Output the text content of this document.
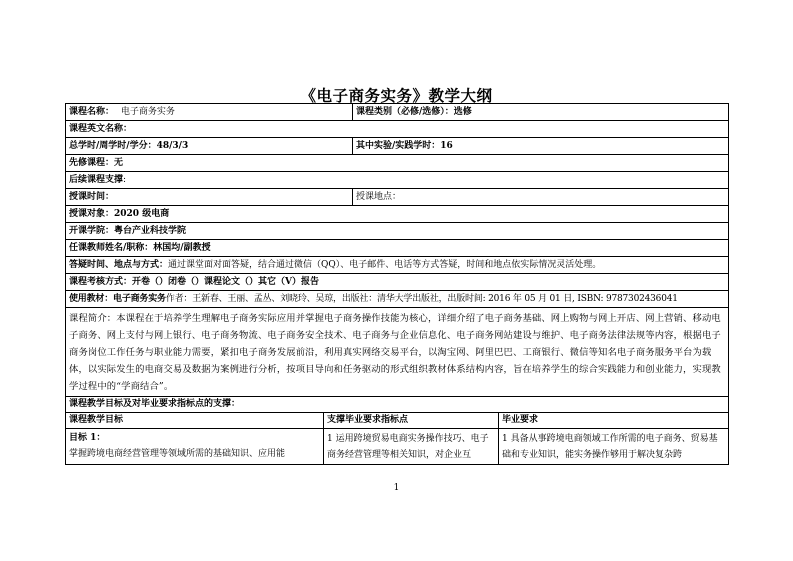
《电子商务实务》教学大纲
课程名称： 电子商务实务		课程类别（必修/选修）：选修	
课程英文名称：			
总学时/周学时/学分：48/3/3		其中实验/实践学时：16	
先修课程：无			
后续课程支撑:			
授课时间：		授课地点：	
授课对象：2020 级电商			
开课学院：粤台产业科技学院			
任课教师姓名/职称：林国均/副教授			
答疑时间、地点与方式：通过课堂面对面答疑，结合通过微信（QQ）、电子邮件、电话等方式答疑，时间和地点依实际情况灵活处理。			
课程考核方式：开卷（）闭卷（）课程论文（）其它（V）报告			
使用教材：电子商务实务作者：王新春、王丽、孟丛、刘晓玲、吴琼，出版社：清华大学出版社，出版时间: 2016 年 05 月 01 日, ISBN: 9787302436041			
课程简介：本课程在于培养学生理解电子商务实际应用并掌握电子商务操作技能为核心，详细介绍了电子商务基础、网上购物与网上开店、网上营销、移动电子商务、网上支付与网上银行、电子商务物流、电子商务安全技术、电子商务与企业信息化、电子商务网站建设与维护、电子商务法律法规等内容，根据电子商务岗位工作任务与职业能力需要，紧扣电子商务发展前沿，利用真实网络交易平台，以淘宝网、阿里巴巴、工商银行、微信等知名电子商务服务平台为载体，以实际发生的电商交易及数据为案例进行分析，按项目导向和任务驱动的形式组织教材体系结构内容，旨在培养学生的综合实践能力和创业能力，实现教学过程中的“学商结合”。			
课程教学目标及对毕业要求指标点的支撑：			
课程教学目标	支撑毕业要求指标点		毕业要求

目标 1：
掌握跨境电商经营管理等领域所需的基础知识、应用能	1 运用跨境贸易电商实务操作技巧、电子商务经营管理等相关知识，对企业互		1 具备从事跨境电商领域工作所需的电子商务、贸易基础和专业知识，能实务操作够用于解决复杂跨
1
